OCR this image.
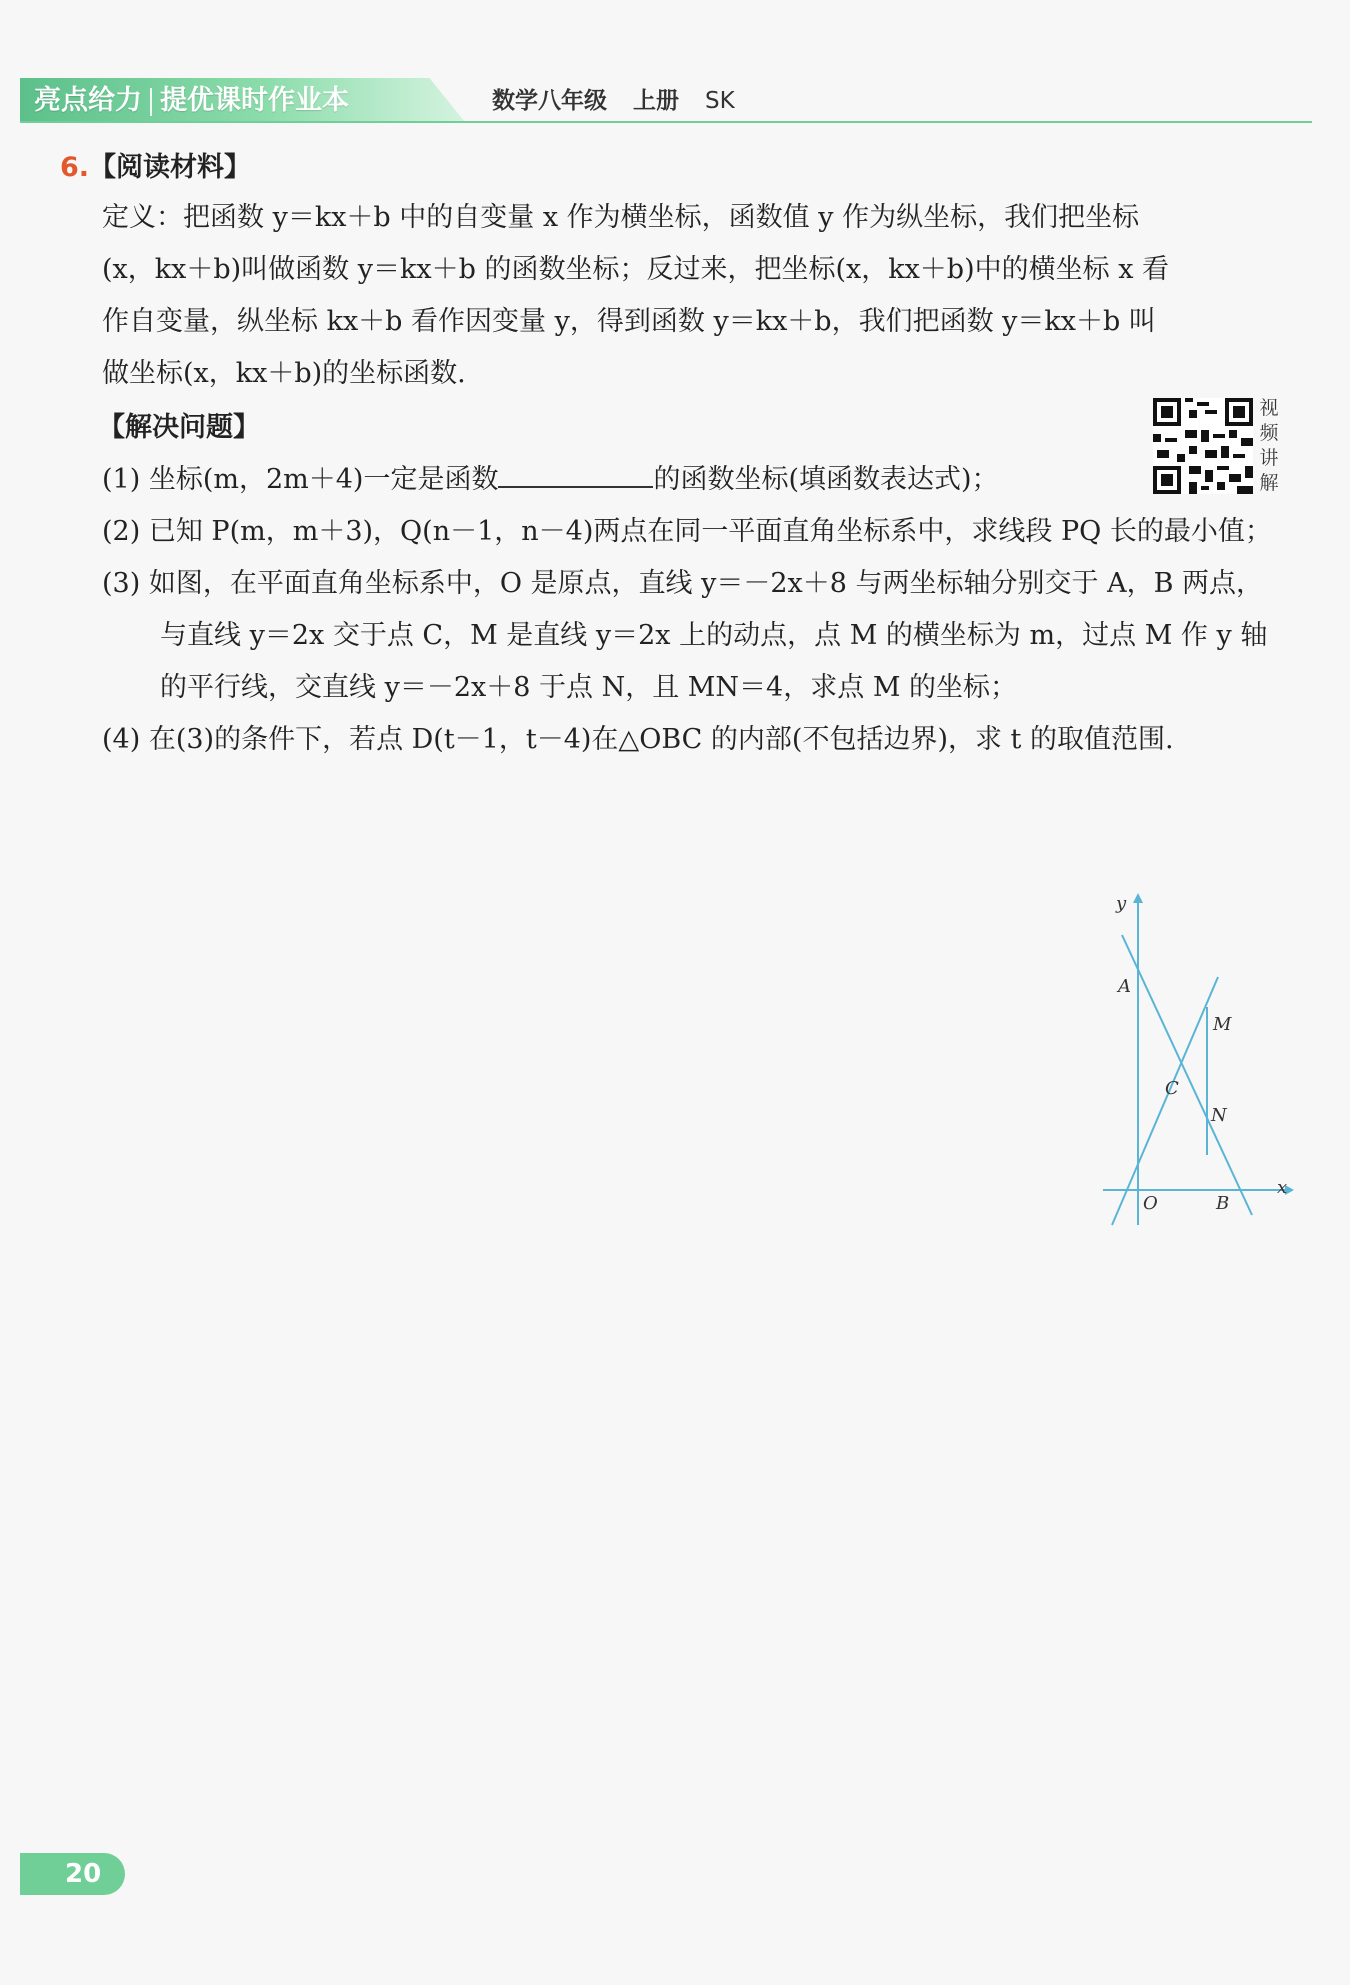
亮点给力 提优课时作业本	数学八年级 上册 SK
6.【阅读材料】
定义：把函数 y＝kx＋b 中的自变量 x 作为横坐标，函数值 y 作为纵坐标，我们把坐标
(x，kx＋b)叫做函数 y＝kx＋b 的函数坐标；反过来，把坐标(x，kx＋b)中的横坐标 x 看
作自变量，纵坐标 kx＋b 看作因变量 y，得到函数 y＝kx＋b，我们把函数 y＝kx＋b 叫
做坐标(x，kx＋b)的坐标函数.
【解决问题】
(1) 坐标(m，2m＋4)一定是函数	的函数坐标(填函数表达式)；
(2) 已知 P(m，m＋3)，Q(n－1，n－4)两点在同一平面直角坐标系中，求线段 PQ 长的最小值；
(3) 如图，在平面直角坐标系中，O 是原点，直线 y＝－2x＋8 与两坐标轴分别交于 A，B 两点，与直线 y＝2x 交于点 C，M 是直线 y＝2x 上的动点，点 M 的横坐标为 m，过点 M 作 y 轴的平行线，交直线 y＝－2x＋8 于点 N，且 MN＝4，求点 M 的坐标；
(4) 在(3)的条件下，若点 D(t－1，t－4)在△OBC 的内部(不包括边界)，求 t 的取值范围.
视
频
讲
解
y
x
A
M
C
N
O	B
20
